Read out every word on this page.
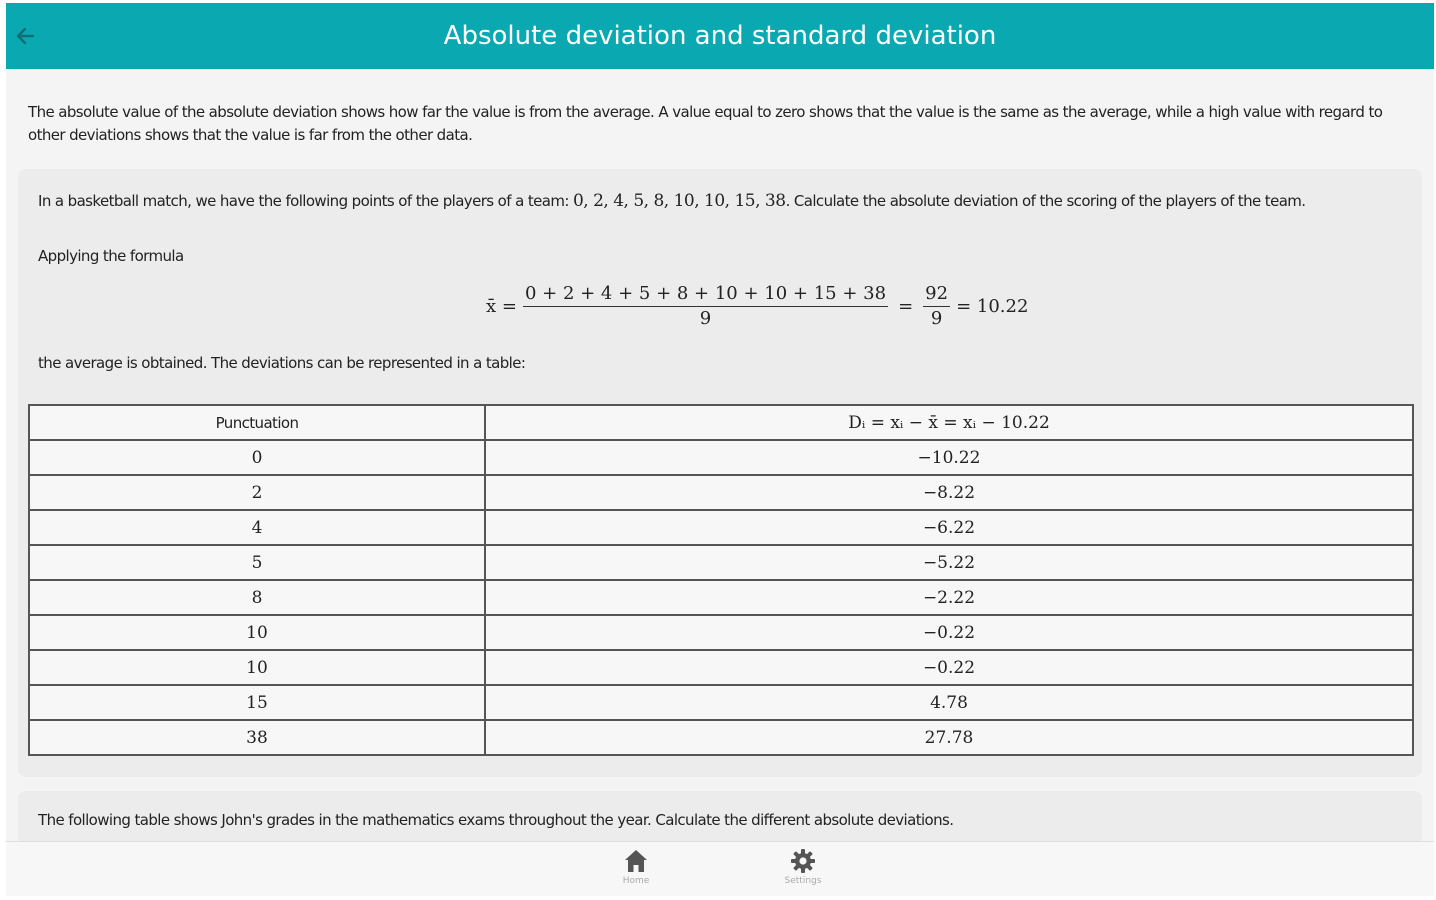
Absolute deviation and standard deviation

The absolute value of the absolute deviation shows how far the value is from the average. A value equal to zero shows that the value is the same as the average, while a high value with regard to other deviations shows that the value is far from the other data.

In a basketball match, we have the following points of the players of a team: 0, 2, 4, 5, 8, 10, 10, 15, 38. Calculate the absolute deviation of the scoring of the players of the team.
Applying the formula
x̄ = $\frac{0 + 2 + 4 + 5 + 8 + 10 + 10 + 15 + 38}{9} = \frac{92}{9} = 10.22$
the average is obtained. The deviations can be represented in a table:
Punctuation	Dᵢ = xᵢ − x̄ = xᵢ − 10.22
0	−10.22
2	−8.22
4	−6.22
5	−5.22
8	−2.22
10	−0.22
10	−0.22
15	4.78
38	27.78
The following table shows John's grades in the mathematics exams throughout the year. Calculate the different absolute deviations.
Home	Settings
